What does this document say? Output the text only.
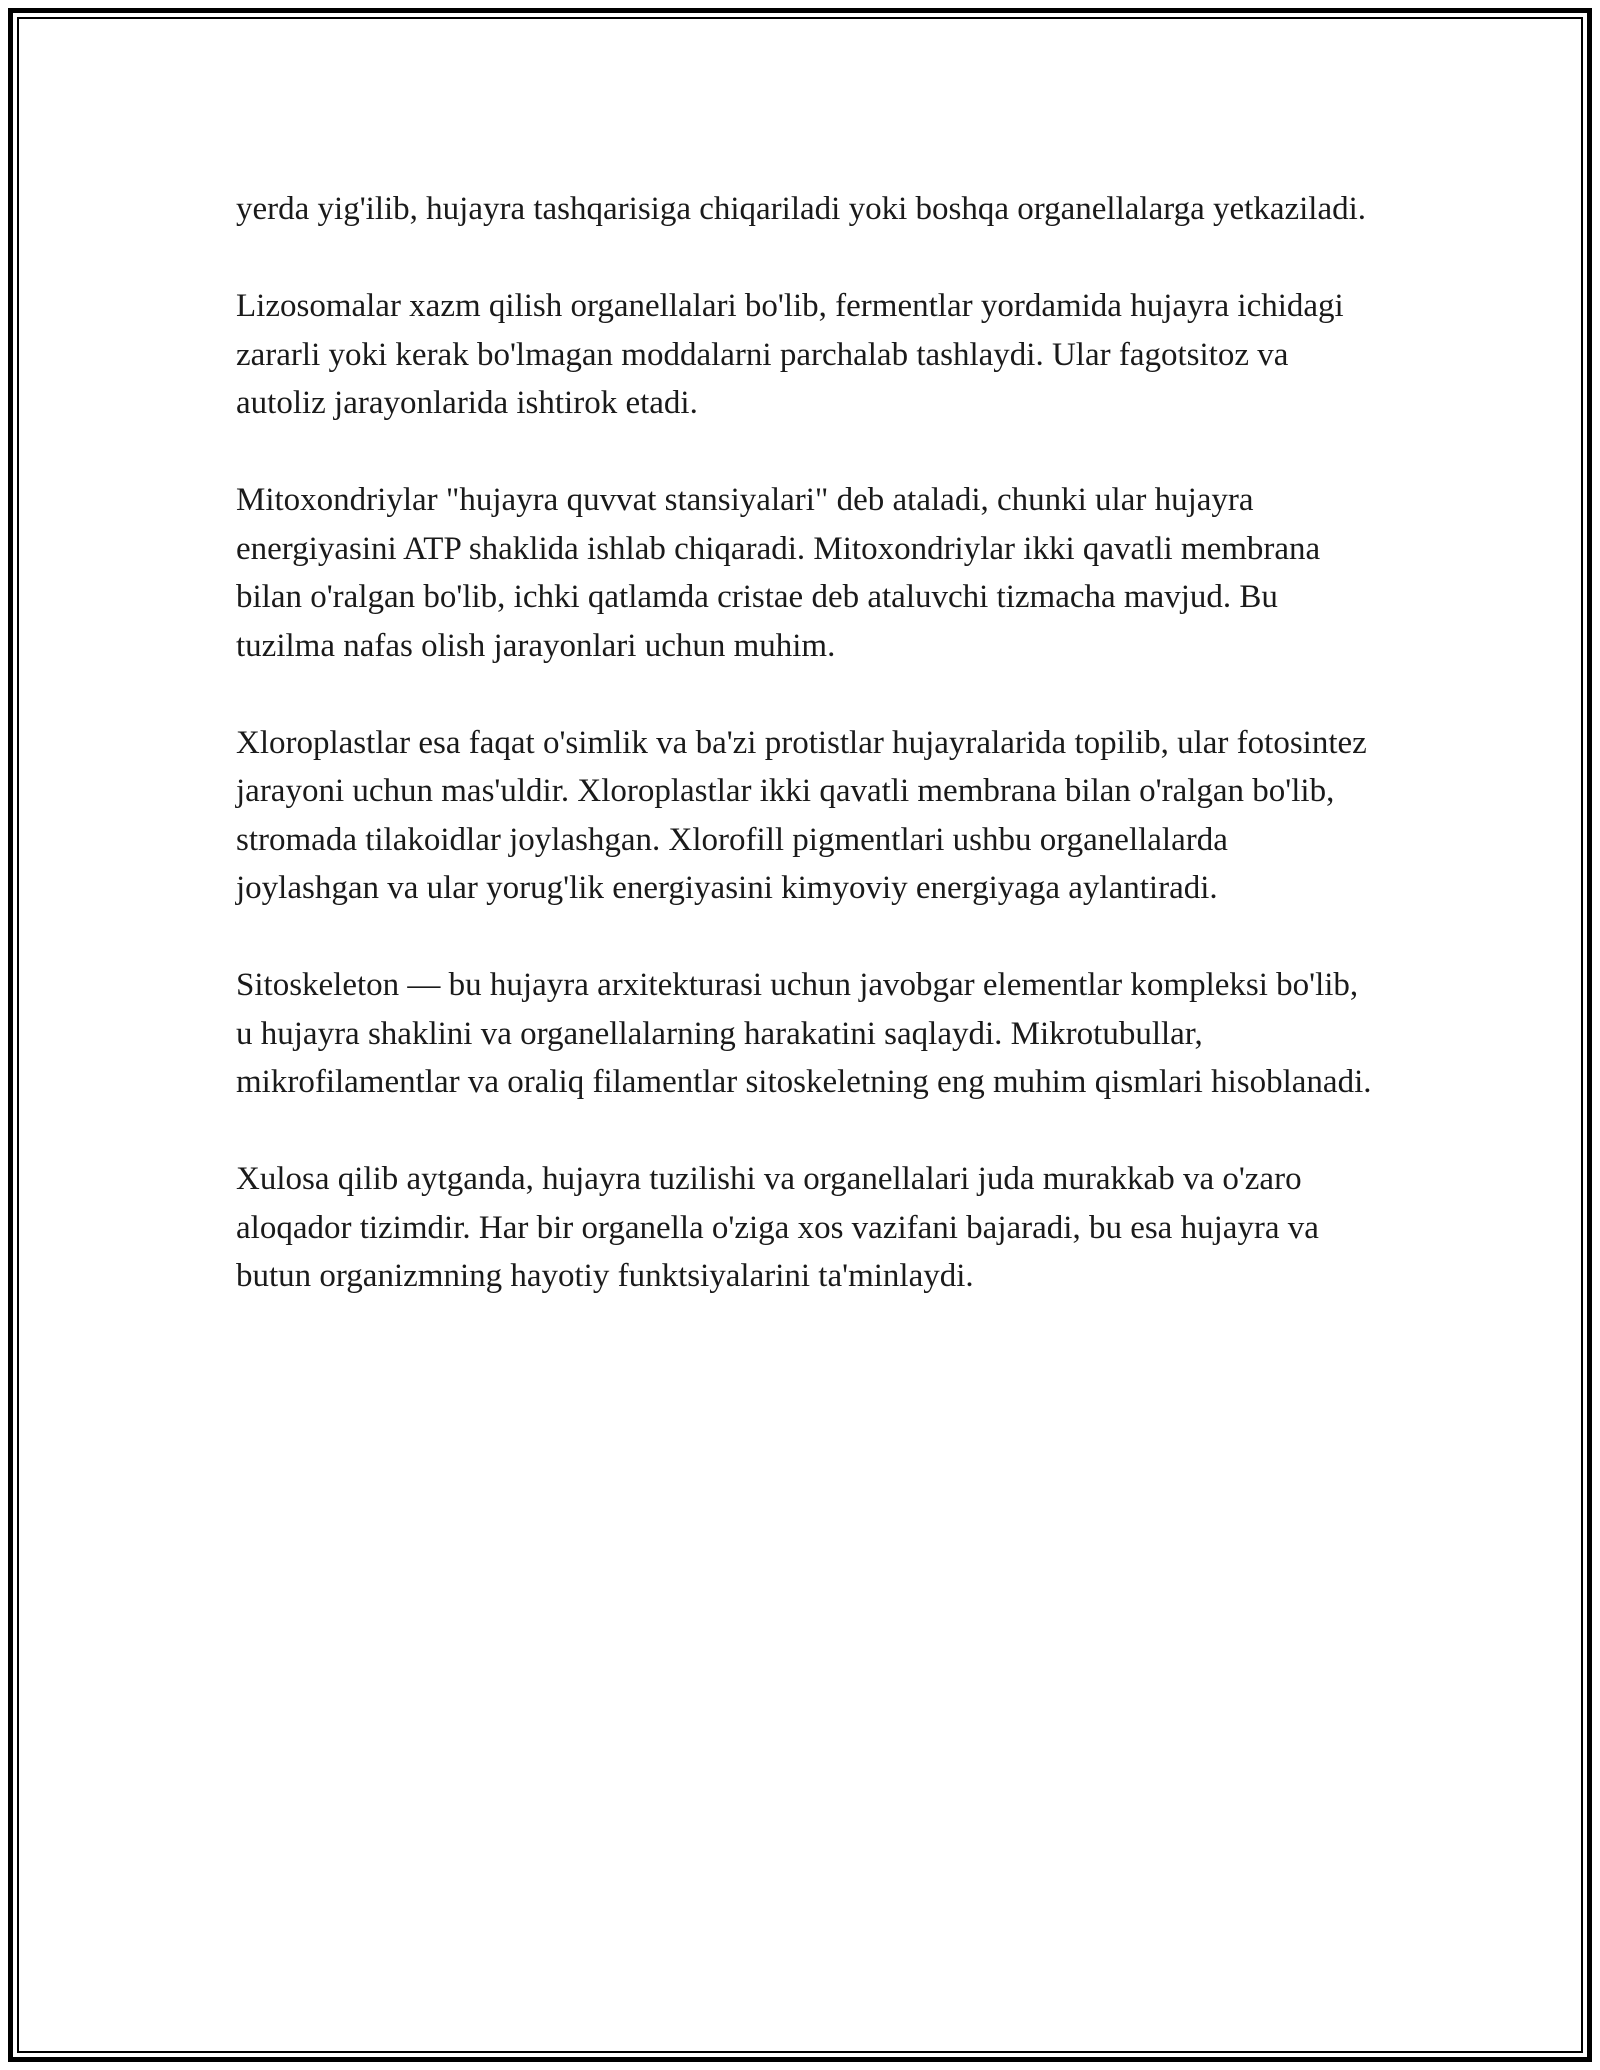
yerda yig'ilib, hujayra tashqarisiga chiqariladi yoki boshqa organellalarga yetkaziladi.

Lizosomalar xazm qilish organellalari bo'lib, fermentlar yordamida hujayra ichidagi zararli yoki kerak bo'lmagan moddalarni parchalab tashlaydi. Ular fagotsitoz va autoliz jarayonlarida ishtirok etadi.

Mitoxondriylar "hujayra quvvat stansiyalari" deb ataladi, chunki ular hujayra energiyasini ATP shaklida ishlab chiqaradi. Mitoxondriylar ikki qavatli membrana bilan o'ralgan bo'lib, ichki qatlamda cristae deb ataluvchi tizmacha mavjud. Bu tuzilma nafas olish jarayonlari uchun muhim.

Xloroplastlar esa faqat o'simlik va ba'zi protistlar hujayralarida topilib, ular fotosintez jarayoni uchun mas'uldir. Xloroplastlar ikki qavatli membrana bilan o'ralgan bo'lib, stromada tilakoidlar joylashgan. Xlorofill pigmentlari ushbu organellalarda joylashgan va ular yorug'lik energiyasini kimyoviy energiyaga aylantiradi.

Sitoskeleton — bu hujayra arxitekturasi uchun javobgar elementlar kompleksi bo'lib, u hujayra shaklini va organellalarning harakatini saqlaydi. Mikrotubullar, mikrofilamentlar va oraliq filamentlar sitoskeletning eng muhim qismlari hisoblanadi.

Xulosa qilib aytganda, hujayra tuzilishi va organellalari juda murakkab va o'zaro aloqador tizimdir. Har bir organella o'ziga xos vazifani bajaradi, bu esa hujayra va butun organizmning hayotiy funktsiyalarini ta'minlaydi.
